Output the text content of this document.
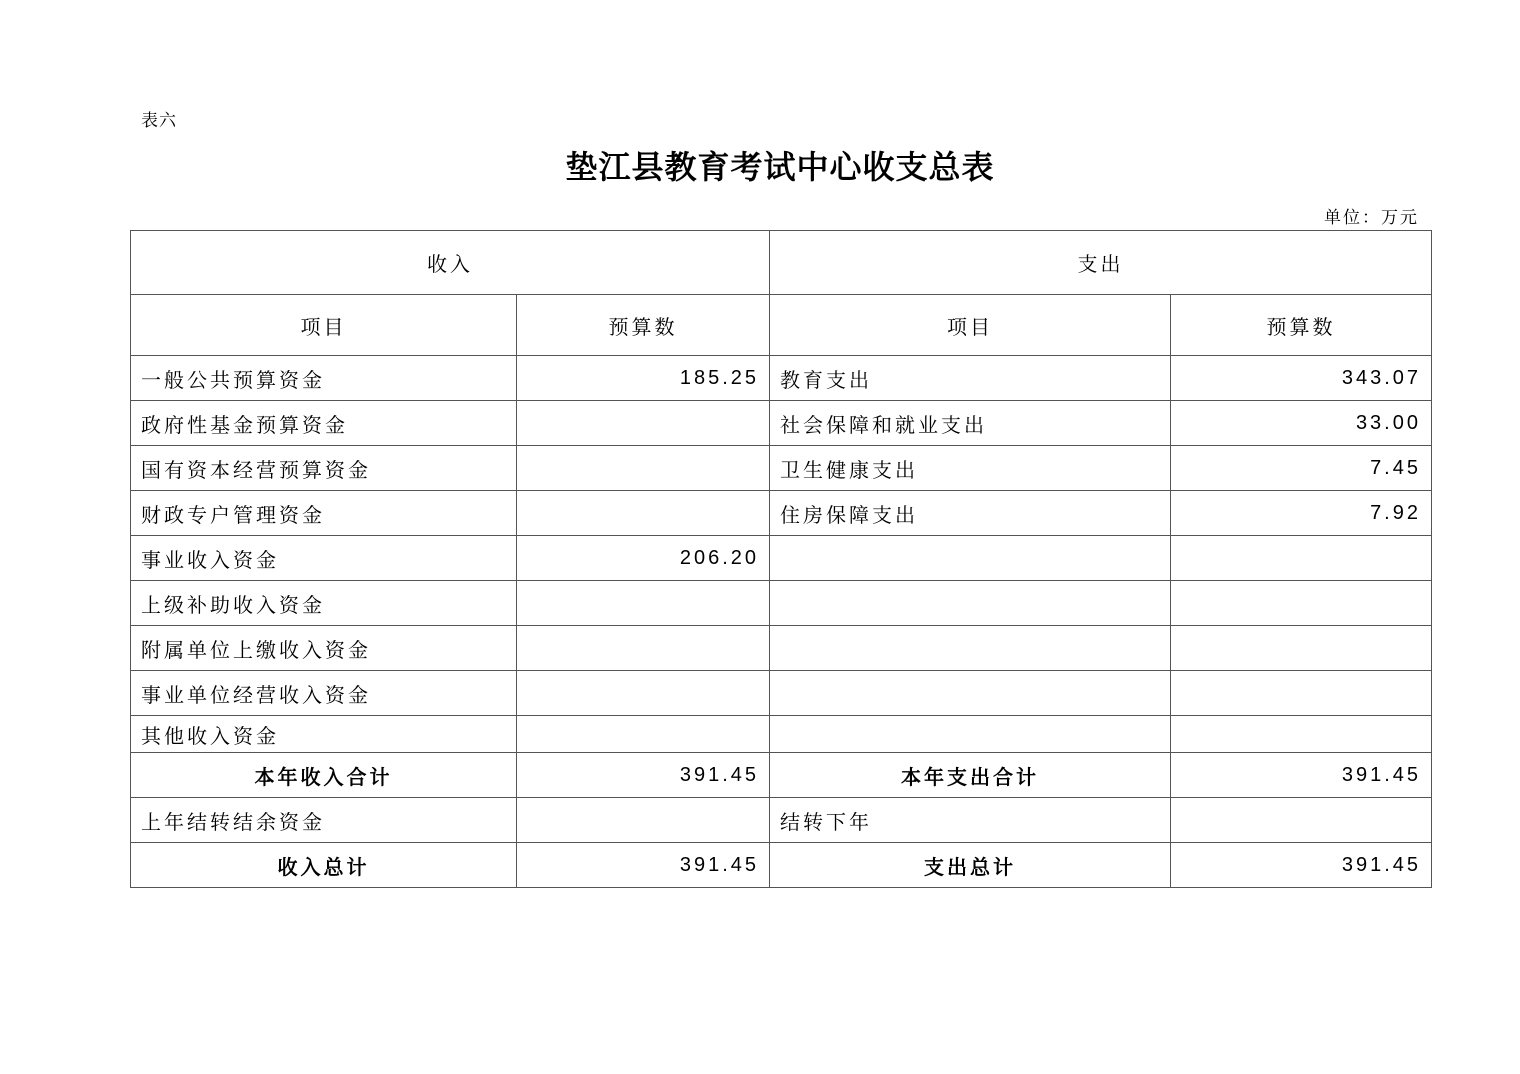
表六
垫江县教育考试中心收支总表
单位：万元
收入		支出	
项目	预算数	项目	预算数
一般公共预算资金	185.25	教育支出	343.07
政府性基金预算资金		社会保障和就业支出	33.00
国有资本经营预算资金		卫生健康支出	7.45
财政专户管理资金		住房保障支出	7.92
事业收入资金	206.20		
上级补助收入资金			
附属单位上缴收入资金			
事业单位经营收入资金			
其他收入资金			
本年收入合计	391.45	本年支出合计	391.45
上年结转结余资金		结转下年	
收入总计	391.45	支出总计	391.45
